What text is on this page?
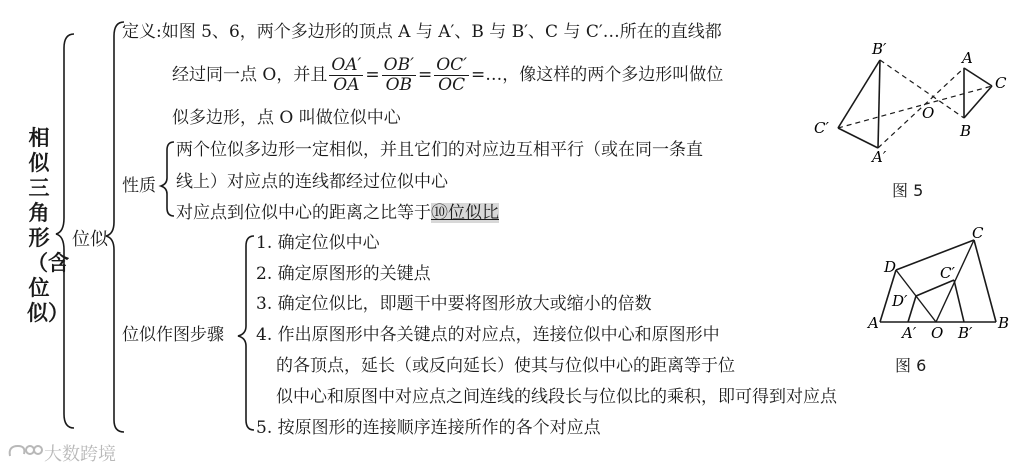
相似三角形（含位似）
位似
定义:如图 5、6，两个多边形的顶点 A 与 A′、B 与 B′、C 与 C′…所在的直线都
经过同一点 O，并且 $\frac{OA'}{OA} = \frac{OB'}{OB} = \frac{OC'}{OC}$ =…，像这样的两个多边形叫做位
似多边形，点 O 叫做位似中心
性质
两个位似多边形一定相似，并且它们的对应边互相平行（或在同一条直
线上）对应点的连线都经过位似中心
对应点到位似中心的距离之比等于⑩位似比
位似作图步骤
1. 确定位似中心
2. 确定原图形的关键点
3. 确定位似比，即题干中要将图形放大或缩小的倍数
4. 作出原图形中各关键点的对应点，连接位似中心和原图形中
的各顶点，延长（或反向延长）使其与位似中心的距离等于位
似中心和原图中对应点之间连线的线段长与位似比的乘积，即可得到对应点
5. 按原图形的连接顺序连接所作的各个对应点
B′	A
C
O
C′	B
A′
图 5
C
D	C′
D′
A
A′ O B′
B
图 6
大数跨境
